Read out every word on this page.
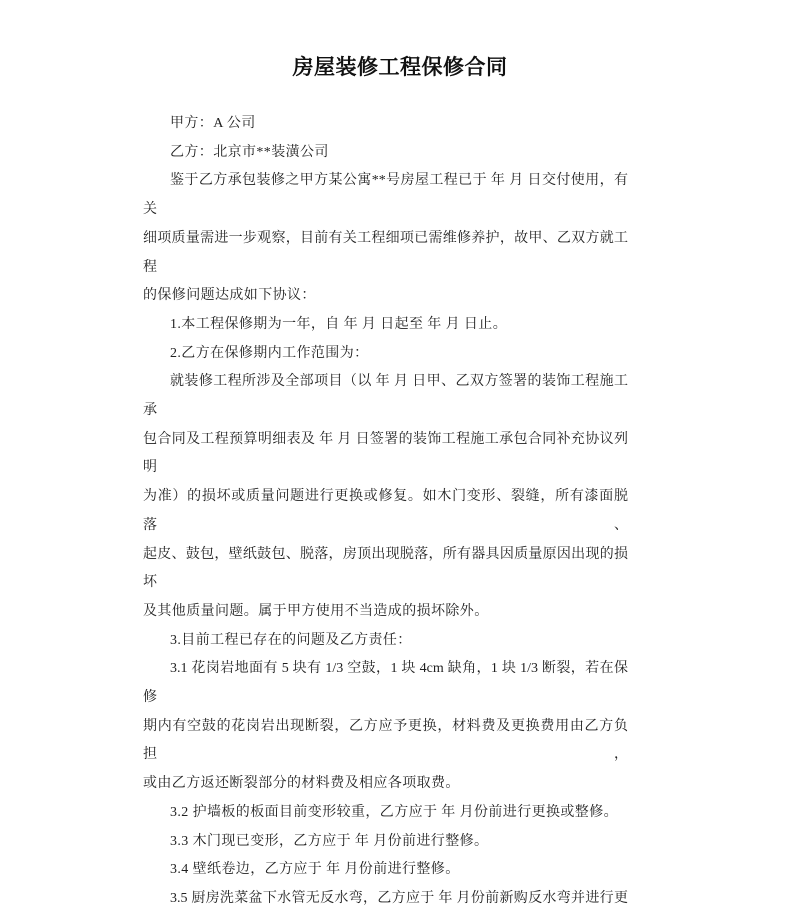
房屋装修工程保修合同
甲方：A 公司
乙方：北京市**装潢公司
鉴于乙方承包装修之甲方某公寓**号房屋工程已于 年 月 日交付使用，有关
细项质量需进一步观察，目前有关工程细项已需维修养护，故甲、乙双方就工程
的保修问题达成如下协议：
1.本工程保修期为一年，自 年 月 日起至 年 月 日止。
2.乙方在保修期内工作范围为：
就装修工程所涉及全部项目（以 年 月 日甲、乙双方签署的装饰工程施工承
包合同及工程预算明细表及 年 月 日签署的装饰工程施工承包合同补充协议列明
为准）的损坏或质量问题进行更换或修复。如木门变形、裂缝，所有漆面脱落、
起皮、鼓包，壁纸鼓包、脱落，房顶出现脱落，所有器具因质量原因出现的损坏
及其他质量问题。属于甲方使用不当造成的损坏除外。
3.目前工程已存在的问题及乙方责任：
3.1 花岗岩地面有 5 块有 1/3 空鼓，1 块 4cm 缺角，1 块 1/3 断裂，若在保修
期内有空鼓的花岗岩出现断裂，乙方应予更换，材料费及更换费用由乙方负担，
或由乙方返还断裂部分的材料费及相应各项取费。
3.2 护墙板的板面目前变形较重，乙方应于 年 月份前进行更换或整修。
3.3 木门现已变形，乙方应于 年 月份前进行整修。
3.4 壁纸卷边，乙方应于 年 月份前进行整修。
3.5 厨房洗菜盆下水管无反水弯，乙方应于 年 月份前新购反水弯并进行更
